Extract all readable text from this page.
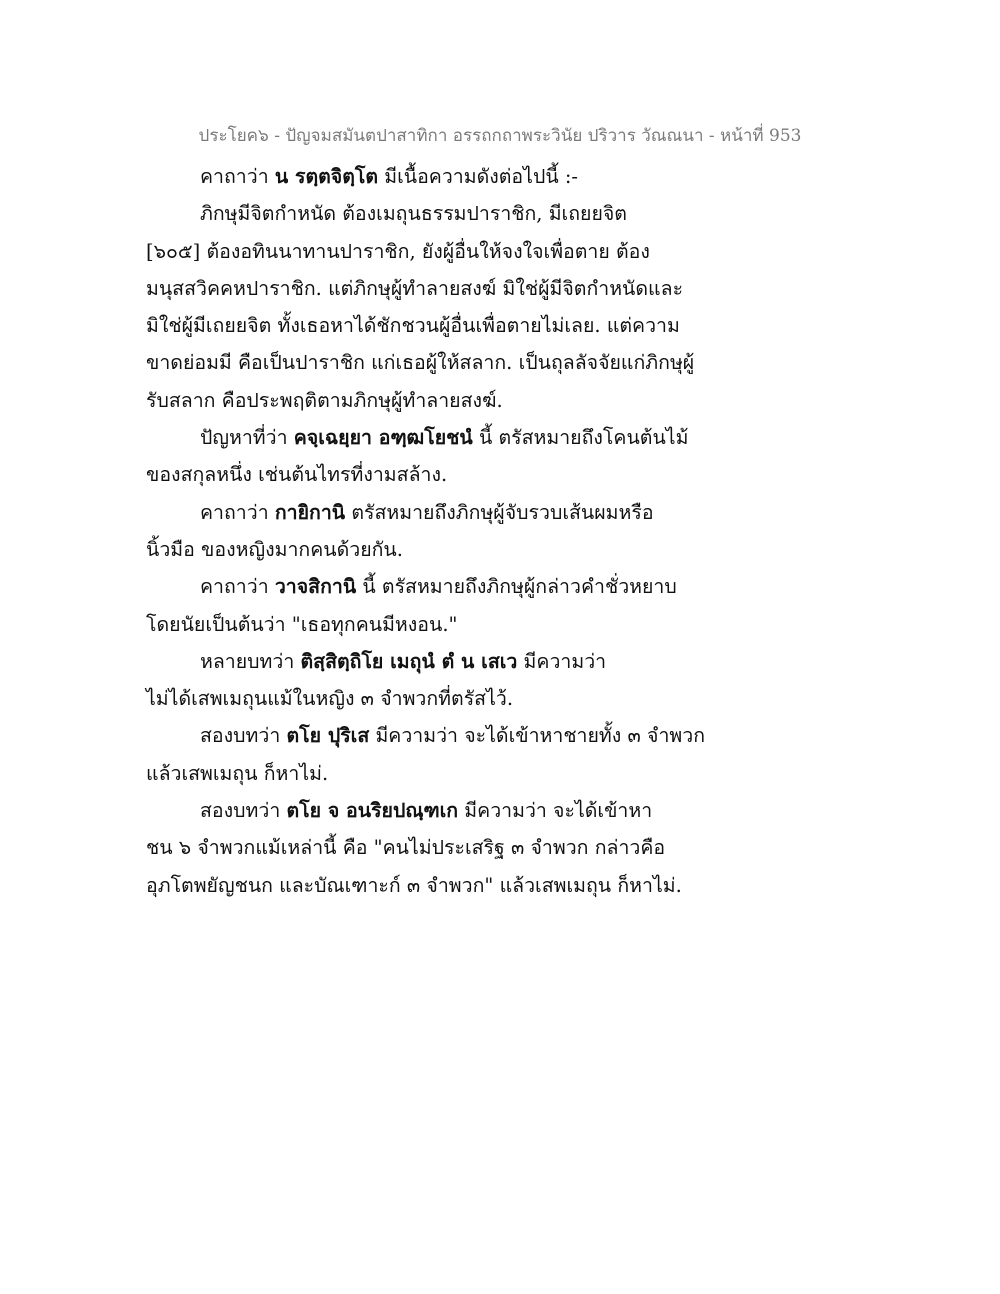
ประโยค๖ - ปัญจมสมันตปาสาทิกา อรรถกถาพระวินัย ปริวาร วัณณนา - หน้าที่ 953
คาถาว่า น รตฺตจิตฺโต มีเนื้อความดังต่อไปนี้ :-
ภิกษุมีจิตกำหนัด ต้องเมถุนธรรมปาราชิก, มีเถยยจิต
[๖๐๕] ต้องอทินนาทานปาราชิก, ยังผู้อื่นให้จงใจเพื่อตาย ต้อง
มนุสสวิคคหปาราชิก. แต่ภิกษุผู้ทำลายสงฆ์ มิใช่ผู้มีจิตกำหนัดและ
มิใช่ผู้มีเถยยจิต ทั้งเธอหาได้ชักชวนผู้อื่นเพื่อตายไม่เลย. แต่ความ
ขาดย่อมมี คือเป็นปาราชิก แก่เธอผู้ให้สลาก. เป็นถุลลัจจัยแก่ภิกษุผู้
รับสลาก คือประพฤติตามภิกษุผู้ทำลายสงฆ์.
ปัญหาที่ว่า คจฺเฉยฺยา อฑฺฒโยชนํ นี้ ตรัสหมายถึงโคนต้นไม้
ของสกุลหนึ่ง เช่นต้นไทรที่งามสล้าง.
คาถาว่า กายิกานิ ตรัสหมายถึงภิกษุผู้จับรวบเส้นผมหรือ
นิ้วมือ ของหญิงมากคนด้วยกัน.
คาถาว่า วาจสิกานิ นี้ ตรัสหมายถึงภิกษุผู้กล่าวคำชั่วหยาบ
โดยนัยเป็นต้นว่า "เธอทุกคนมีหงอน."
หลายบทว่า ติสฺสิตฺถิโย เมถุนํ ตํ น เสเว มีความว่า
ไม่ได้เสพเมถุนแม้ในหญิง ๓ จำพวกที่ตรัสไว้.
สองบทว่า ตโย ปุริเส มีความว่า จะได้เข้าหาชายทั้ง ๓ จำพวก
แล้วเสพเมถุน ก็หาไม่.
สองบทว่า ตโย จ อนริยปณฺฑเก มีความว่า จะได้เข้าหา
ชน ๖ จำพวกแม้เหล่านี้ คือ "คนไม่ประเสริฐ ๓ จำพวก กล่าวคือ
อุภโตพยัญชนก และบัณเฑาะก์ ๓ จำพวก" แล้วเสพเมถุน ก็หาไม่.
